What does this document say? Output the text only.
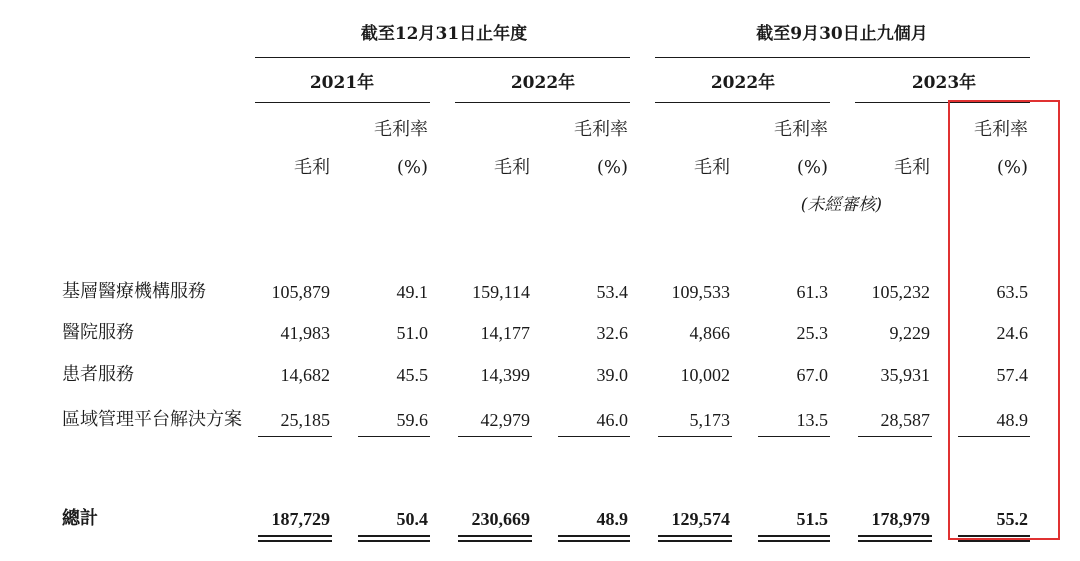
截至12月31日止年度	截至9月30日止九個月
2021年	2022年	2022年	2023年
毛利率	毛利率	毛利率	毛利率
毛利	(%)	毛利	(%)	毛利	(%)	毛利	(%)
(未經審核)
基層醫療機構服務	105,879	49.1 159,114	53.4 109,533	61.3 105,232	63.5
醫院服務	41,983	51.0	14,177	32.6	4,866	25.3	9,229	24.6
患者服務	14,682	45.5	14,399	39.0	10,002	67.0	35,931	57.4
區域管理平台解決方案 25,185	59.6	42,979	46.0	5,173	13.5	28,587	48.9
總計	187,729	50.4 230,669	48.9 129,574	51.5 178,979	55.2
